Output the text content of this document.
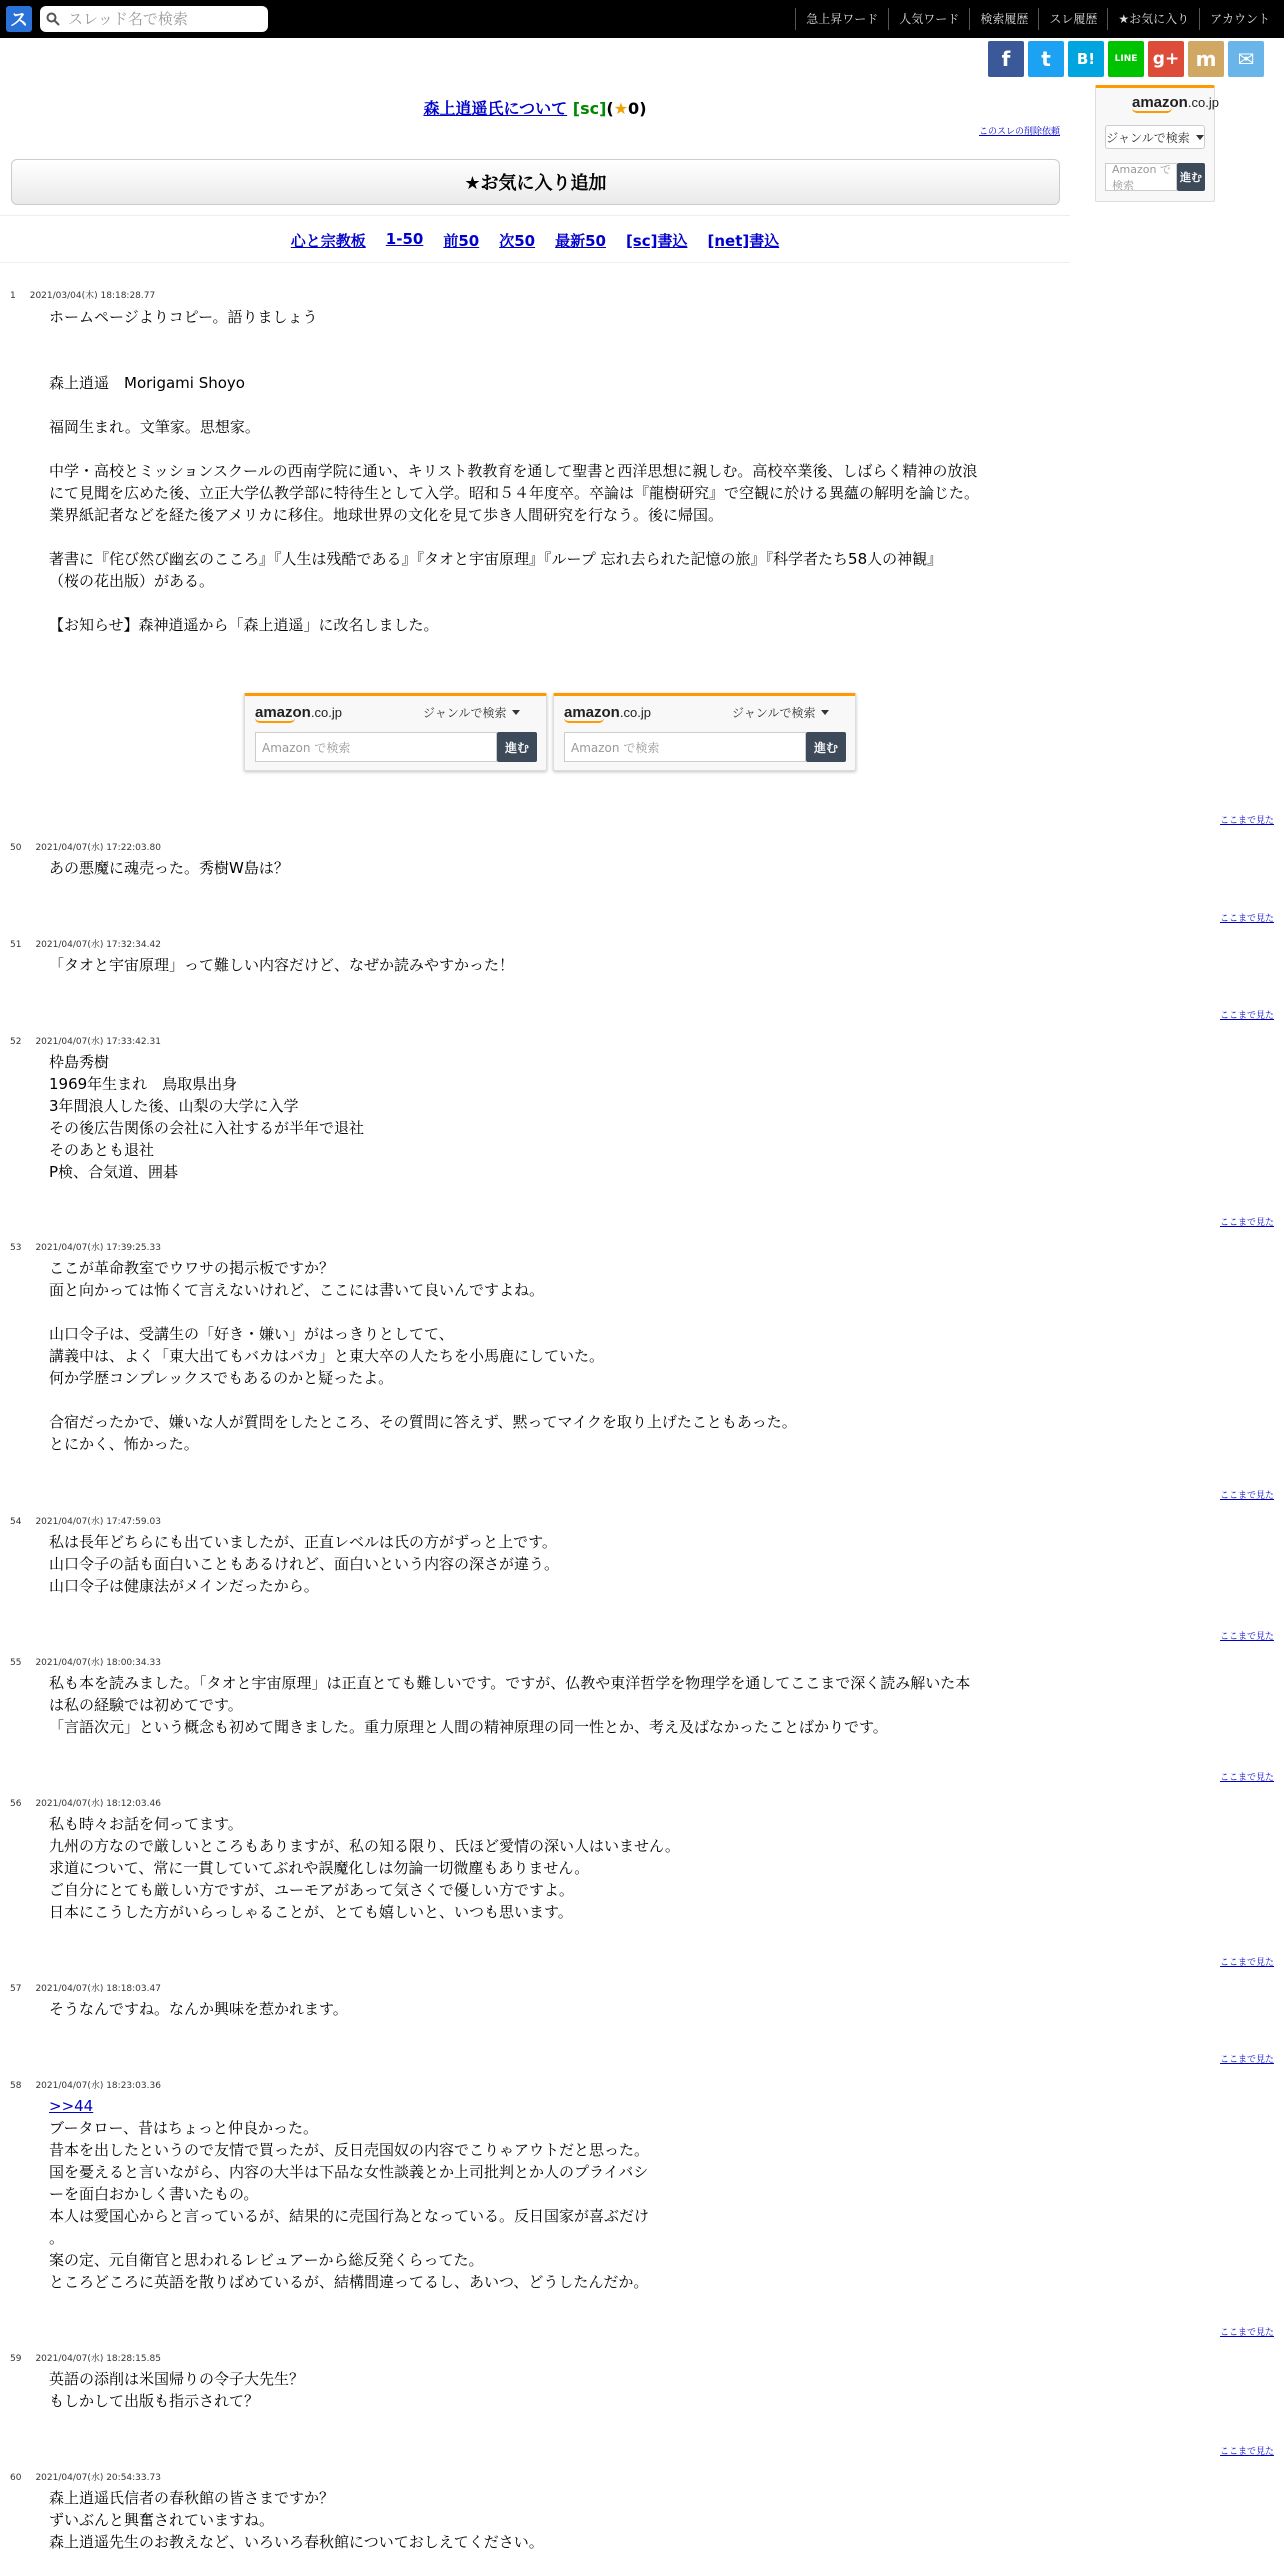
ス
スレッド名で検索	急上昇ワード	人気ワード	検索履歴	スレ履歴	★お気に入り	アカウント
f	t	B!	LINE g+ m	✉
amazon.co.jp
ジャンルで検索
Amazon で検索
進む
森上逍遥氏について [sc](★0)
このスレの削除依頼
★お気に入り追加
心と宗教板 1-50 前50 次50 最新50 [sc]書込 [net]書込
1 2021/03/04(木) 18:18:28.77

ホームページよりコピー。語りましょう

森上逍遥　Morigami Shoyo

福岡生まれ。文筆家。思想家。

中学・高校とミッションスクールの西南学院に通い、キリスト教教育を通して聖書と西洋思想に親しむ。高校卒業後、しばらく精神の放浪

にて見聞を広めた後、立正大学仏教学部に特待生として入学。昭和５４年度卒。卒論は『龍樹研究』で空観に於ける異蘊の解明を論じた。

業界紙記者などを経た後アメリカに移住。地球世界の文化を見て歩き人間研究を行なう。後に帰国。

著書に『侘び然び幽玄のこころ』『人生は残酷である』『タオと宇宙原理』『ループ 忘れ去られた記憶の旅』『科学者たち58人の神観』

（桜の花出版）がある。

【お知らせ】森神逍遥から「森上逍遥」に改名しました。

amazon.co.jp	ジャンルで検索
Amazon で検索	進む
amazon.co.jp	ジャンルで検索
Amazon で検索	進む
ここまで見た
50 2021/04/07(水) 17:22:03.80

あの悪魔に魂売った。秀樹W島は？

ここまで見た
51 2021/04/07(水) 17:32:34.42

「タオと宇宙原理」って難しい内容だけど、なぜか読みやすかった！

ここまで見た
52 2021/04/07(水) 17:33:42.31

枠島秀樹

1969年生まれ　鳥取県出身

3年間浪人した後、山梨の大学に入学

その後広告関係の会社に入社するが半年で退社

そのあとも退社

P検、合気道、囲碁

ここまで見た
53 2021/04/07(水) 17:39:25.33

ここが革命教室でウワサの掲示板ですか？

面と向かっては怖くて言えないけれど、ここには書いて良いんですよね。

山口令子は、受講生の「好き・嫌い」がはっきりとしてて、

講義中は、よく「東大出てもバカはバカ」と東大卒の人たちを小馬鹿にしていた。

何か学歴コンプレックスでもあるのかと疑ったよ。

合宿だったかで、嫌いな人が質問をしたところ、その質問に答えず、黙ってマイクを取り上げたこともあった。

とにかく、怖かった。

ここまで見た
54 2021/04/07(水) 17:47:59.03

私は長年どちらにも出ていましたが、正直レベルは氏の方がずっと上です。

山口令子の話も面白いこともあるけれど、面白いという内容の深さが違う。

山口令子は健康法がメインだったから。

ここまで見た
55 2021/04/07(水) 18:00:34.33

私も本を読みました。「タオと宇宙原理」は正直とても難しいです。ですが、仏教や東洋哲学を物理学を通してここまで深く読み解いた本

は私の経験では初めてです。

「言語次元」という概念も初めて聞きました。重力原理と人間の精神原理の同一性とか、考え及ばなかったことばかりです。

ここまで見た
56 2021/04/07(水) 18:12:03.46

私も時々お話を伺ってます。

九州の方なので厳しいところもありますが、私の知る限り、氏ほど愛情の深い人はいません。

求道について、常に一貫していてぶれや誤魔化しは勿論一切微塵もありません。

ご自分にとても厳しい方ですが、ユーモアがあって気さくで優しい方ですよ。

日本にこうした方がいらっしゃることが、とても嬉しいと、いつも思います。

ここまで見た
57 2021/04/07(水) 18:18:03.47

そうなんですね。なんか興味を惹かれます。

ここまで見た
58 2021/04/07(水) 18:23:03.36

>>44

ブータロー、昔はちょっと仲良かった。

昔本を出したというので友情で買ったが、反日売国奴の内容でこりゃアウトだと思った。

国を憂えると言いながら、内容の大半は下品な女性談義とか上司批判とか人のプライバシ

ーを面白おかしく書いたもの。

本人は愛国心からと言っているが、結果的に売国行為となっている。反日国家が喜ぶだけ

。

案の定、元自衛官と思われるレビュアーから総反発くらってた。

ところどころに英語を散りばめているが、結構間違ってるし、あいつ、どうしたんだか。

ここまで見た
59 2021/04/07(水) 18:28:15.85

英語の添削は米国帰りの令子大先生？

もしかして出版も指示されて？

ここまで見た
60 2021/04/07(水) 20:54:33.73

森上逍遥氏信者の春秋館の皆さまですか？

ずいぶんと興奮されていますね。

森上逍遥先生のお教えなど、いろいろ春秋館についておしえてください。
